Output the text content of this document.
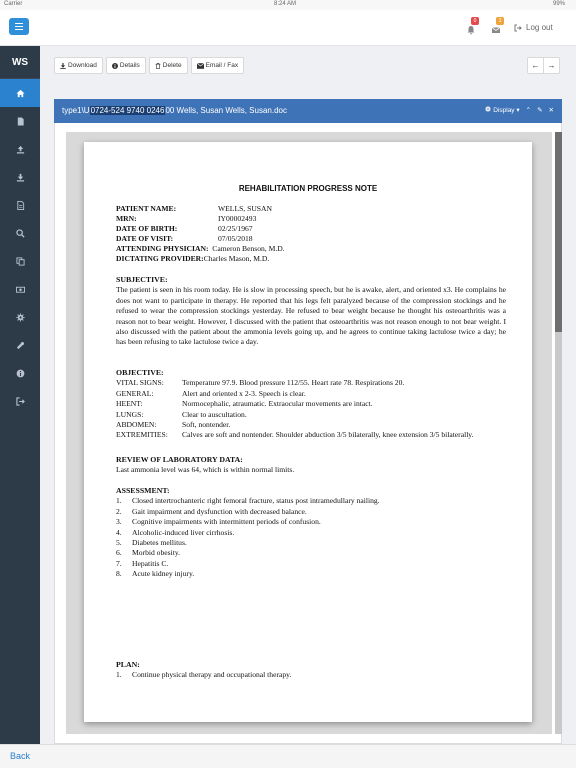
Carrier	8:24 AM	99%
0	3
Log out
WS	Download	Details	Delete	Email / Fax	← →
type1\U0724-524 9740 024600 Wells, Susan Wells, Susan.doc	Display ▾ ⌃ ✎ ✕
REHABILITATION PROGRESS NOTE
PATIENT NAME:	WELLS, SUSAN
MRN:	IY00002493
DATE OF BIRTH:	02/25/1967
DATE OF VISIT:	07/05/2018
ATTENDING PHYSICIAN: Cameron Benson, M.D.
DICTATING PROVIDER:Charles Mason, M.D.
SUBJECTIVE:

The patient is seen in his room today. He is slow in processing speech, but he is awake, alert, and oriented x3. He complains he does not want to participate in therapy. He reported that his legs felt paralyzed because of the compression stockings and he refused to wear the compression stockings yesterday. He refused to bear weight because he thought his osteoarthritis was a reason not to bear weight. However, I discussed with the patient that osteoarthritis was not reason enough to not bear weight. I also discussed with the patient about the ammonia levels going up, and he agrees to continue taking lactulose twice a day; he has been refusing to take lactulose twice a day.

OBJECTIVE:
VITAL SIGNS:	Temperature 97.9. Blood pressure 112/55. Heart rate 78. Respirations 20.
GENERAL:	Alert and oriented x 2-3. Speech is clear.
HEENT:	Normocephalic, atraumatic. Extraocular movements are intact.
LUNGS:	Clear to auscultation.
ABDOMEN:	Soft, nontender.
EXTREMITIES:	Calves are soft and nontender. Shoulder abduction 3/5 bilaterally, knee extension 3/5 bilaterally.
REVIEW OF LABORATORY DATA:

Last ammonia level was 64, which is within normal limits.

ASSESSMENT:
1.	Closed intertrochanteric right femoral fracture, status post intramedullary nailing.
2.	Gait impairment and dysfunction with decreased balance.
3.	Cognitive impairments with intermittent periods of confusion.
4.	Alcoholic-induced liver cirrhosis.
5.	Diabetes mellitus.
6.	Morbid obesity.
7.	Hepatitis C.
8.	Acute kidney injury.
PLAN:
1.	Continue physical therapy and occupational therapy.
Back
